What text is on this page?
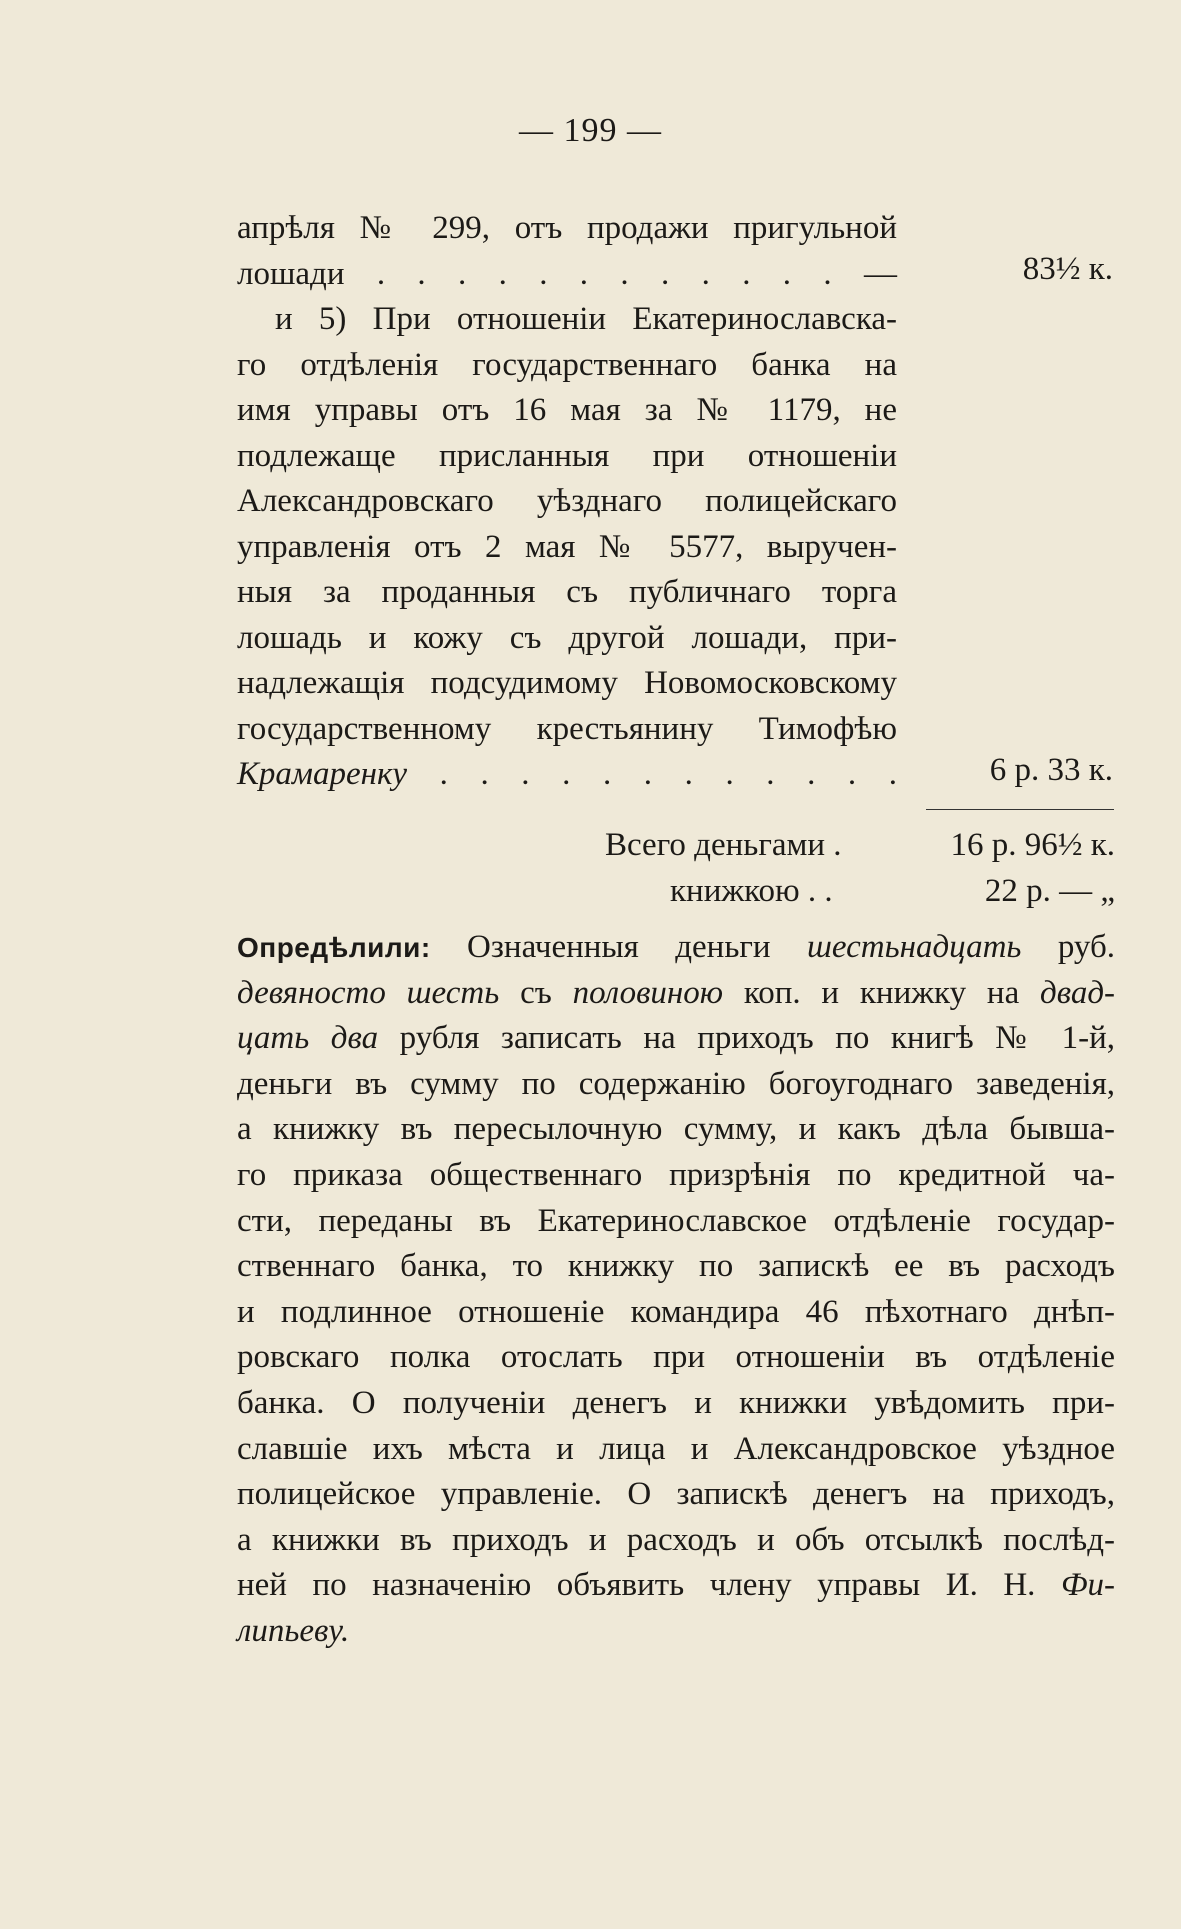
— 199 —
апрѣля № 299, отъ продажи пригульной
лошади . . . . . . . . . . . . —
и 5) При отношеніи Екатеринославска-
го отдѣленія государственнаго банка на
имя управы отъ 16 мая за № 1179, не
подлежаще присланныя при отношеніи
Александровскаго уѣзднаго полицейскаго
управленія отъ 2 мая № 5577, выручен-
ныя за проданныя съ публичнаго торга
лошадь и кожу съ другой лошади, при-
надлежащія подсудимому Новомосковскому
государственному крестьянину Тимофѣю
Крамаренку . . . . . . . . . . . .
83½ к.
6 р. 33 к.
Всего деньгами .	16 р. 96½ к.
книжкою . .	22 р. — „
Опредѣлили: Означенныя деньги шестьнадцать руб.
девяносто шесть съ половиною коп. и книжку на двад-
цать два рубля записать на приходъ по книгѣ № 1-й,
деньги въ сумму по содержанію богоугоднаго заведенія,
а книжку въ пересылочную сумму, и какъ дѣла бывша-
го приказа общественнаго призрѣнія по кредитной ча-
сти, переданы въ Екатеринославское отдѣленіе государ-
ственнаго банка, то книжку по запискѣ ее въ расходъ
и подлинное отношеніе командира 46 пѣхотнаго днѣп-
ровскаго полка отослать при отношеніи въ отдѣленіе
банка. О полученіи денегъ и книжки увѣдомить при-
славшіе ихъ мѣста и лица и Александровское уѣздное
полицейское управленіе. О запискѣ денегъ на приходъ,
а книжки въ приходъ и расходъ и объ отсылкѣ послѣд-
ней по назначенію объявить члену управы И. Н. Фи-
липьеву.
